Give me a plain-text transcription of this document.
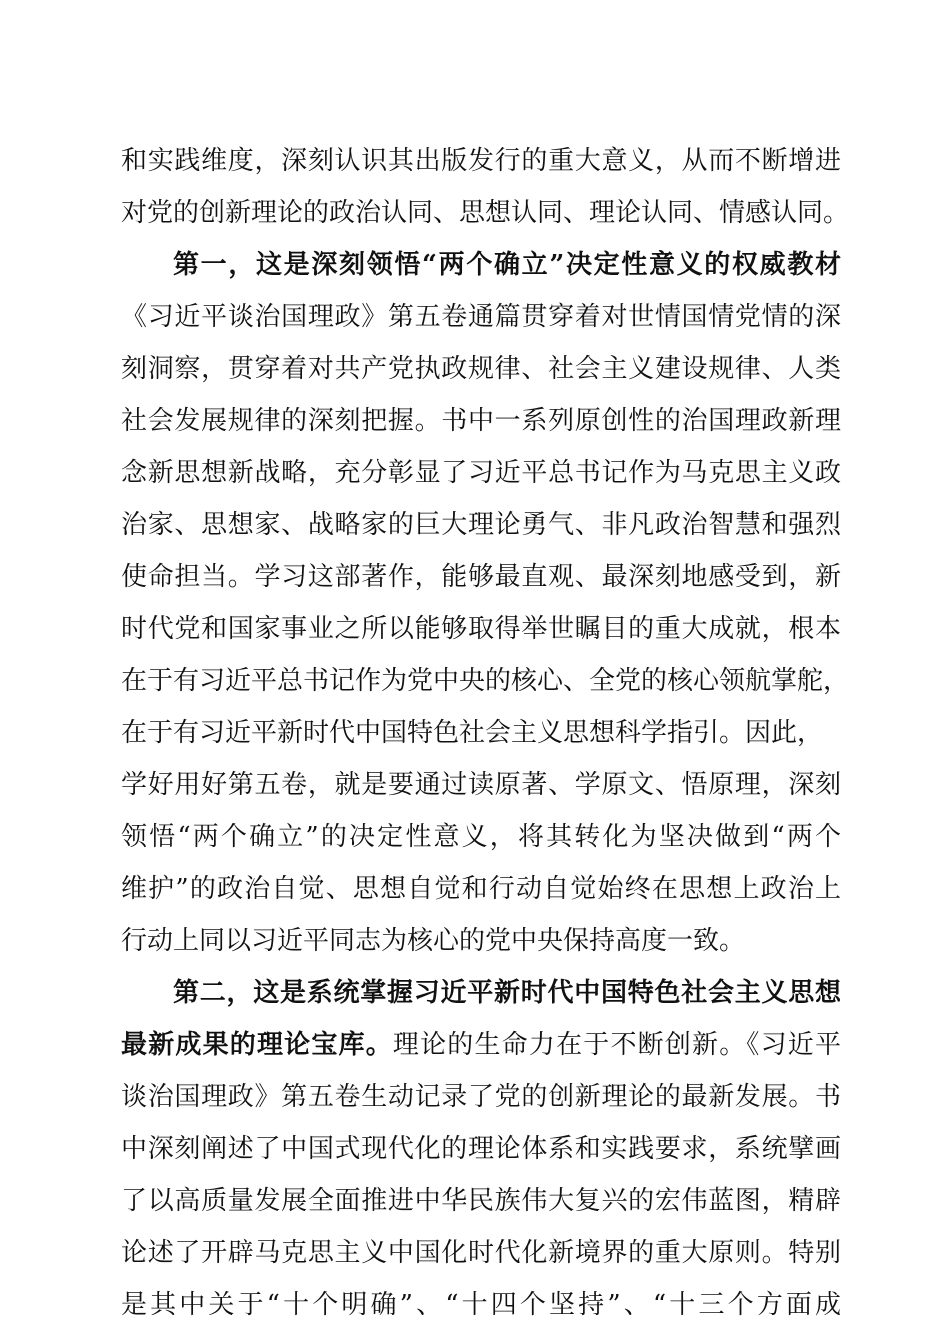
和实践维度，深刻认识其出版发行的重大意义，从而不断增进
对党的创新理论的政治认同、思想认同、理论认同、情感认同。
第一，这是深刻领悟“两个确立”决定性意义的权威教材
《习近平谈治国理政》第五卷通篇贯穿着对世情国情党情的深
刻洞察，贯穿着对共产党执政规律、社会主义建设规律、人类
社会发展规律的深刻把握。书中一系列原创性的治国理政新理
念新思想新战略，充分彰显了习近平总书记作为马克思主义政
治家、思想家、战略家的巨大理论勇气、非凡政治智慧和强烈
使命担当。学习这部著作，能够最直观、最深刻地感受到，新
时代党和国家事业之所以能够取得举世瞩目的重大成就，根本
在于有习近平总书记作为党中央的核心、全党的核心领航掌舵，
在于有习近平新时代中国特色社会主义思想科学指引。因此，
学好用好第五卷，就是要通过读原著、学原文、悟原理，深刻
领悟“两个确立”的决定性意义，将其转化为坚决做到“两个
维护”的政治自觉、思想自觉和行动自觉始终在思想上政治上
行动上同以习近平同志为核心的党中央保持高度一致。
第二，这是系统掌握习近平新时代中国特色社会主义思想
最新成果的理论宝库。理论的生命力在于不断创新。《习近平
谈治国理政》第五卷生动记录了党的创新理论的最新发展。书
中深刻阐述了中国式现代化的理论体系和实践要求，系统擘画
了以高质量发展全面推进中华民族伟大复兴的宏伟蓝图，精辟
论述了开辟马克思主义中国化时代化新境界的重大原则。特别
是其中关于“十个明确”、“十四个坚持”、“十三个方面成
